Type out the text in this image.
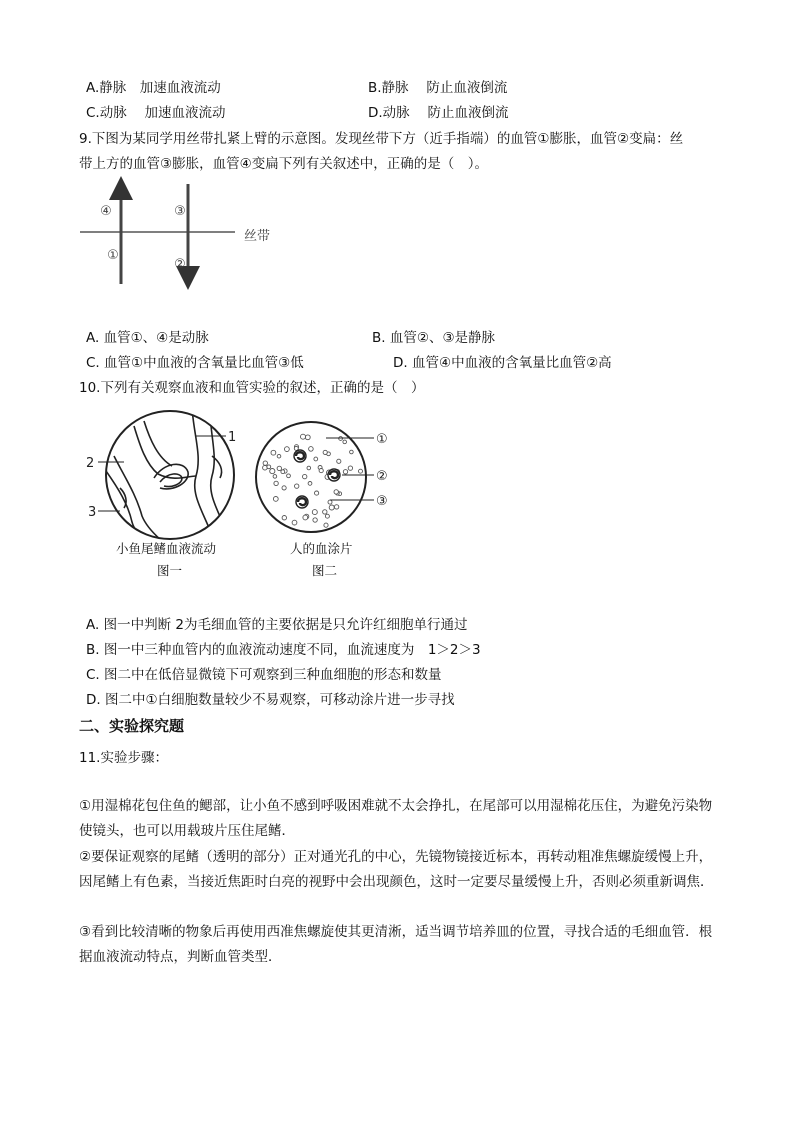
A.静脉　加速血液流动	B.静脉　 防止血液倒流
C.动脉　 加速血液流动	D.动脉　 防止血液倒流
9.下图为某同学用丝带扎紧上臂的示意图。发现丝带下方（近手指端）的血管①膨胀，血管②变扁：丝
带上方的血管③膨胀，血管④变扁下列有关叙述中，正确的是（　）。
④	③
①
②
丝带
A. 血管①、④是动脉	B. 血管②、③是静脉
C. 血管①中血液的含氧量比血管③低	D. 血管④中血液的含氧量比血管②高
10.下列有关观察血液和血管实验的叙述，正确的是（　）
1
2
3
小鱼尾鳍血液流动
图一
①
②
③
人的血涂片
图二
A. 图一中判断 2为毛细血管的主要依据是只允许红细胞单行通过
B. 图一中三种血管内的血液流动速度不同，血流速度为　1＞2＞3
C. 图二中在低倍显微镜下可观察到三种血细胞的形态和数量
D. 图二中①白细胞数量较少不易观察，可移动涂片进一步寻找
二、实验探究题
11.实验步骤：
①用湿棉花包住鱼的鳃部，让小鱼不感到呼吸困难就不太会挣扎，在尾部可以用湿棉花压住，为避免污染物使镜头，也可以用载玻片压住尾鳍．
②要保证观察的尾鳍（透明的部分）正对通光孔的中心，先镜物镜接近标本，再转动粗准焦螺旋缓慢上升，因尾鳍上有色素，当接近焦距时白亮的视野中会出现颜色，这时一定要尽量缓慢上升，否则必须重新调焦．
③看到比较清晰的物象后再使用西准焦螺旋使其更清淅，适当调节培养皿的位置，寻找合适的毛细血管．根据血液流动特点，判断血管类型．
